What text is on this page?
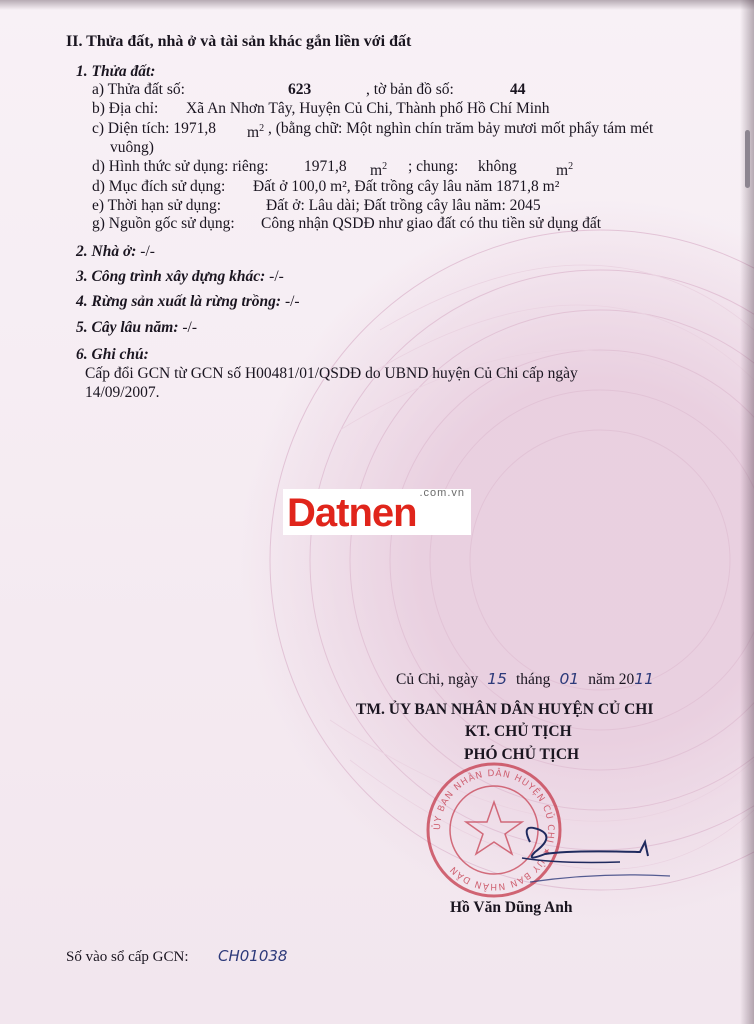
II. Thửa đất, nhà ở và tài sản khác gắn liền với đất
1. Thửa đất:
a) Thửa đất số:	623	, tờ bản đồ số:	44
b) Địa chỉ: Xã An Nhơn Tây, Huyện Củ Chi, Thành phố Hồ Chí Minh
c) Diện tích: 1971,8 $m^2$ , (bằng chữ: Một nghìn chín trăm bảy mươi mốt phẩy tám mét
vuông)
d) Hình thức sử dụng: riêng: 1971,8 $m^2$ ; chung: không	$m^2$
d) Mục đích sử dụng: Đất ở 100,0 m², Đất trồng cây lâu năm 1871,8 m²
e) Thời hạn sử dụng:	Đất ở: Lâu dài; Đất trồng cây lâu năm: 2045
g) Nguồn gốc sử dụng: Công nhận QSDĐ như giao đất có thu tiền sử dụng đất
2. Nhà ở: -/-
3. Công trình xây dựng khác: -/-
4. Rừng sản xuất là rừng trồng: -/-
5. Cây lâu năm: -/-
6. Ghi chú:
Cấp đổi GCN từ GCN số H00481/01/QSDĐ do UBND huyện Củ Chi cấp ngày
14/09/2007.
Datnen .com.vn
Củ Chi, ngày 15 tháng 01 năm 2011
TM. ỦY BAN NHÂN DÂN HUYỆN CỦ CHI
KT. CHỦ TỊCH
PHÓ CHỦ TỊCH
ỦY BAN NHÂN DÂN HUYỆN CỦ CHI ★ ỦY BAN NHÂN DÂN
Hồ Văn Dũng Anh
Số vào sổ cấp GCN: CH01038
